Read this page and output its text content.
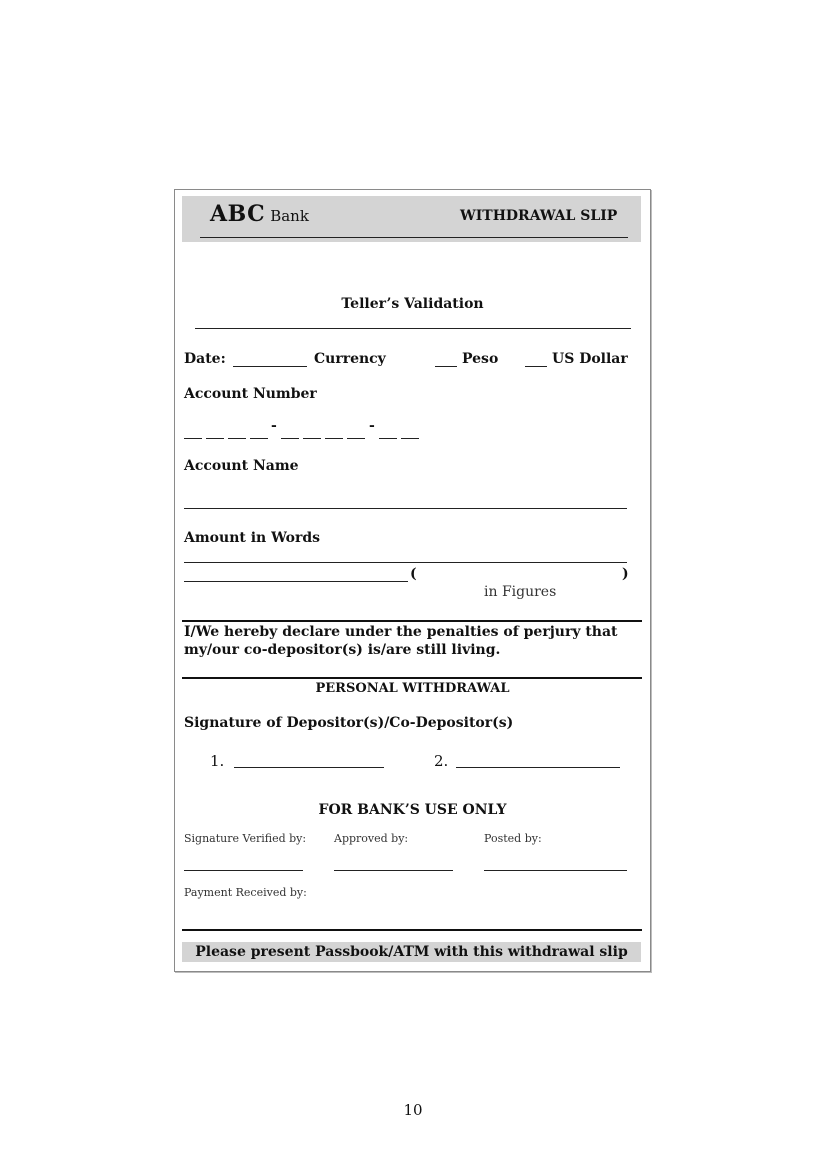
ABC Bank	WITHDRAWAL SLIP
Teller’s Validation
Date:	Currency	Peso	US Dollar
Account Number
-	-
Account Name
Amount in Words
(	)
in Figures
I/We hereby declare under the penalties of perjury that
my/our co-depositor(s) is/are still living.
PERSONAL WITHDRAWAL
Signature of Depositor(s)/Co-Depositor(s)
1.	2.
FOR BANK’S USE ONLY
Signature Verified by:	Approved by:	Posted by:
Payment Received by:
Please present Passbook/ATM with this withdrawal slip
10
